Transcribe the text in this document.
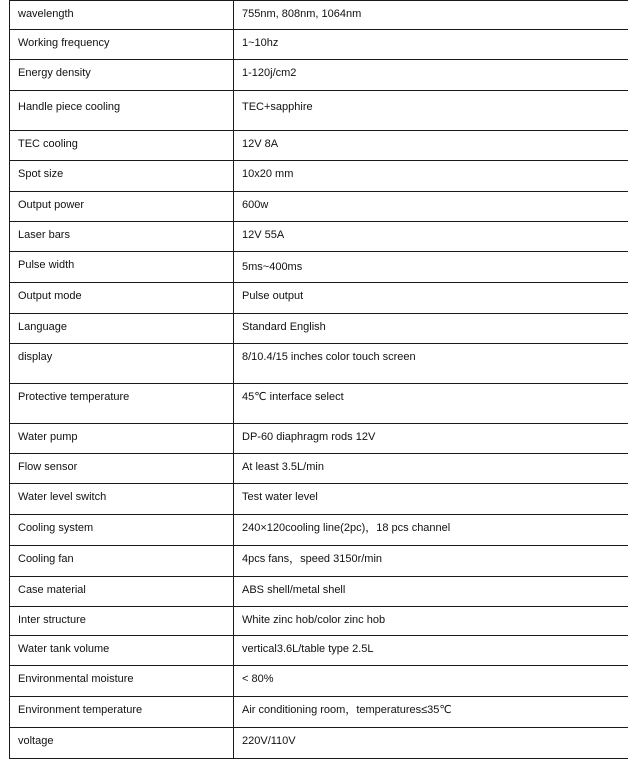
wavelength	755nm, 808nm, 1064nm
Working frequency	1~10hz
Energy density	1-120j/cm2
Handle piece cooling	TEC+sapphire
TEC cooling	12V 8A
Spot size	10x20 mm
Output power	600w
Laser bars	12V 55A
Pulse width	5ms~400ms
Output mode	Pulse output
Language	Standard English
display	8/10.4/15 inches color touch screen
Protective temperature	45℃ interface select
Water pump	DP-60 diaphragm rods 12V
Flow sensor	At least 3.5L/min
Water level switch	Test water level
Cooling system	240×120cooling line(2pc)，18 pcs channel
Cooling fan	4pcs fans，speed 3150r/min
Case material	ABS shell/metal shell
Inter structure	White zinc hob/color zinc hob
Water tank volume	vertical3.6L/table type 2.5L
Environmental moisture	< 80%
Environment temperature	Air conditioning room，temperatures≤35℃
voltage	220V/110V
